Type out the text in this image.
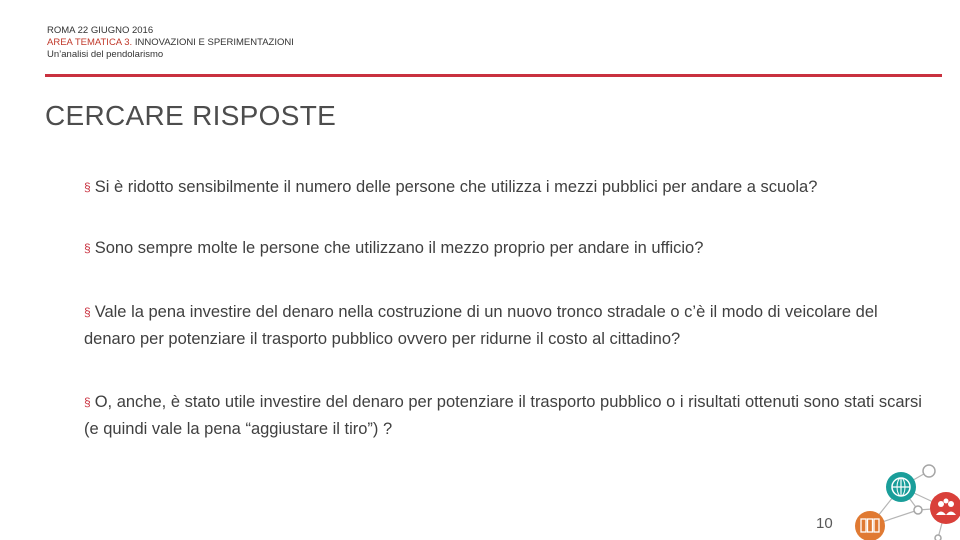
ROMA 22 GIUGNO 2016
AREA TEMATICA 3. INNOVAZIONI E SPERIMENTAZIONI
Un’analisi del pendolarismo
CERCARE RISPOSTE
§ Si è ridotto sensibilmente il numero delle persone che utilizza i mezzi pubblici per andare a scuola?
§ Sono sempre molte le persone che utilizzano il mezzo proprio per andare in ufficio?
§ Vale la pena investire del denaro nella costruzione di un nuovo tronco stradale o c’è il modo di veicolare del denaro per potenziare il trasporto pubblico ovvero per ridurne il costo al cittadino?
§ O, anche, è stato utile investire del denaro per potenziare il trasporto pubblico o i risultati ottenuti sono stati scarsi (e quindi vale la pena “aggiustare il tiro”) ?
10
